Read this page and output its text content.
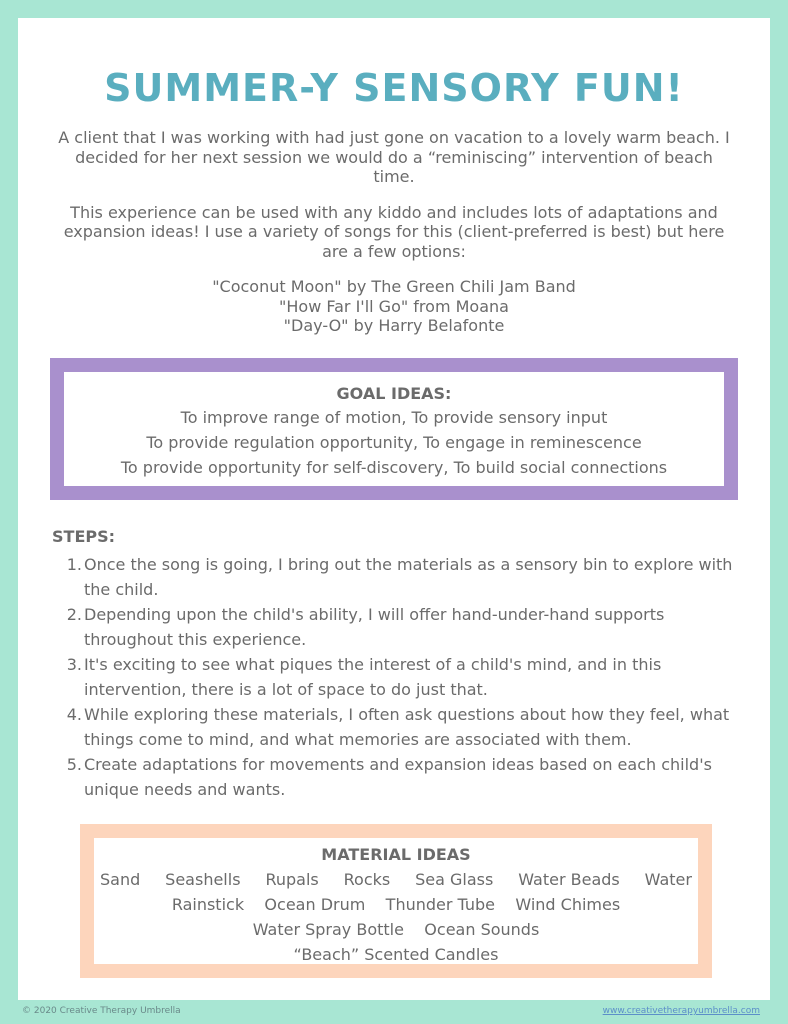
SUMMER-Y SENSORY FUN!

A client that I was working with had just gone on vacation to a lovely warm beach. I decided for her next session we would do a “reminiscing” intervention of beach time.

This experience can be used with any kiddo and includes lots of adaptations and expansion ideas! I use a variety of songs for this (client-preferred is best) but here are a few options:

"Coconut Moon" by The Green Chili Jam Band
"How Far I'll Go" from Moana
"Day-O" by Harry Belafonte
GOAL IDEAS:
To improve range of motion, To provide sensory input
To provide regulation opportunity, To engage in reminescence
To provide opportunity for self-discovery, To build social connections
STEPS:
1. Once the song is going, I bring out the materials as a sensory bin to explore with the child.
2. Depending upon the child's ability, I will offer hand-under-hand supports throughout this experience.
3. It's exciting to see what piques the interest of a child's mind, and in this intervention, there is a lot of space to do just that.
4. While exploring these materials, I often ask questions about how they feel, what things come to mind, and what memories are associated with them.
5. Create adaptations for movements and expansion ideas based on each child's unique needs and wants.
MATERIAL IDEAS
Sand Seashells Rupals Rocks Sea Glass Water Beads Water
Rainstick    Ocean Drum    Thunder Tube    Wind Chimes
Water Spray Bottle    Ocean Sounds
“Beach” Scented Candles
© 2020 Creative Therapy Umbrella	www.creativetherapyumbrella.com
